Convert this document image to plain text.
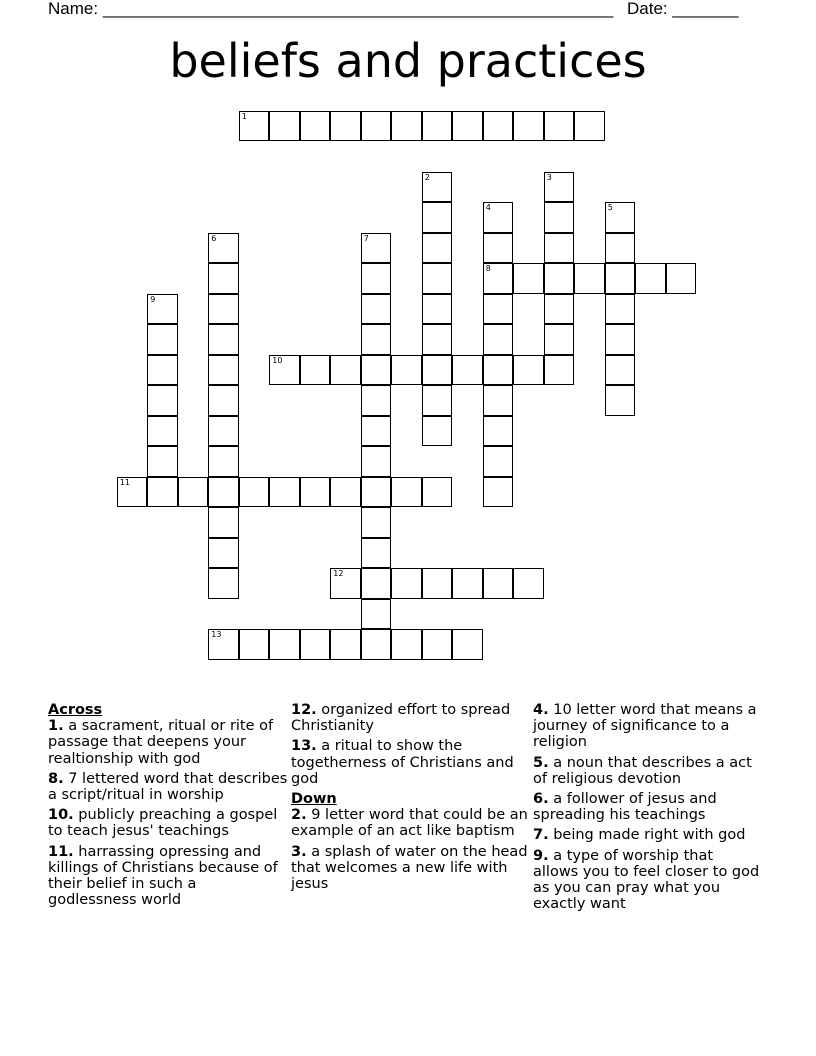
Name: ______________________________________________________ Date: _______
beliefs and practices
1
2	3
4
8
5
6	7
9
10
11
12
13
Across
1. a sacrament, ritual or rite of passage that deepens your realtionship with god
8. 7 lettered word that describes a script/ritual in worship
10. publicly preaching a gospel to teach jesus' teachings
11. harrassing opressing and killings of Christians because of their belief in such a godlessness world
12. organized effort to spread Christianity
13. a ritual to show the togetherness of Christians and god
Down
2. 9 letter word that could be an example of an act like baptism
3. a splash of water on the head that welcomes a new life with jesus
4. 10 letter word that means a journey of significance to a religion
5. a noun that describes a act of religious devotion
6. a follower of jesus and spreading his teachings
7. being made right with god
9. a type of worship that allows you to feel closer to god as you can pray what you exactly want
